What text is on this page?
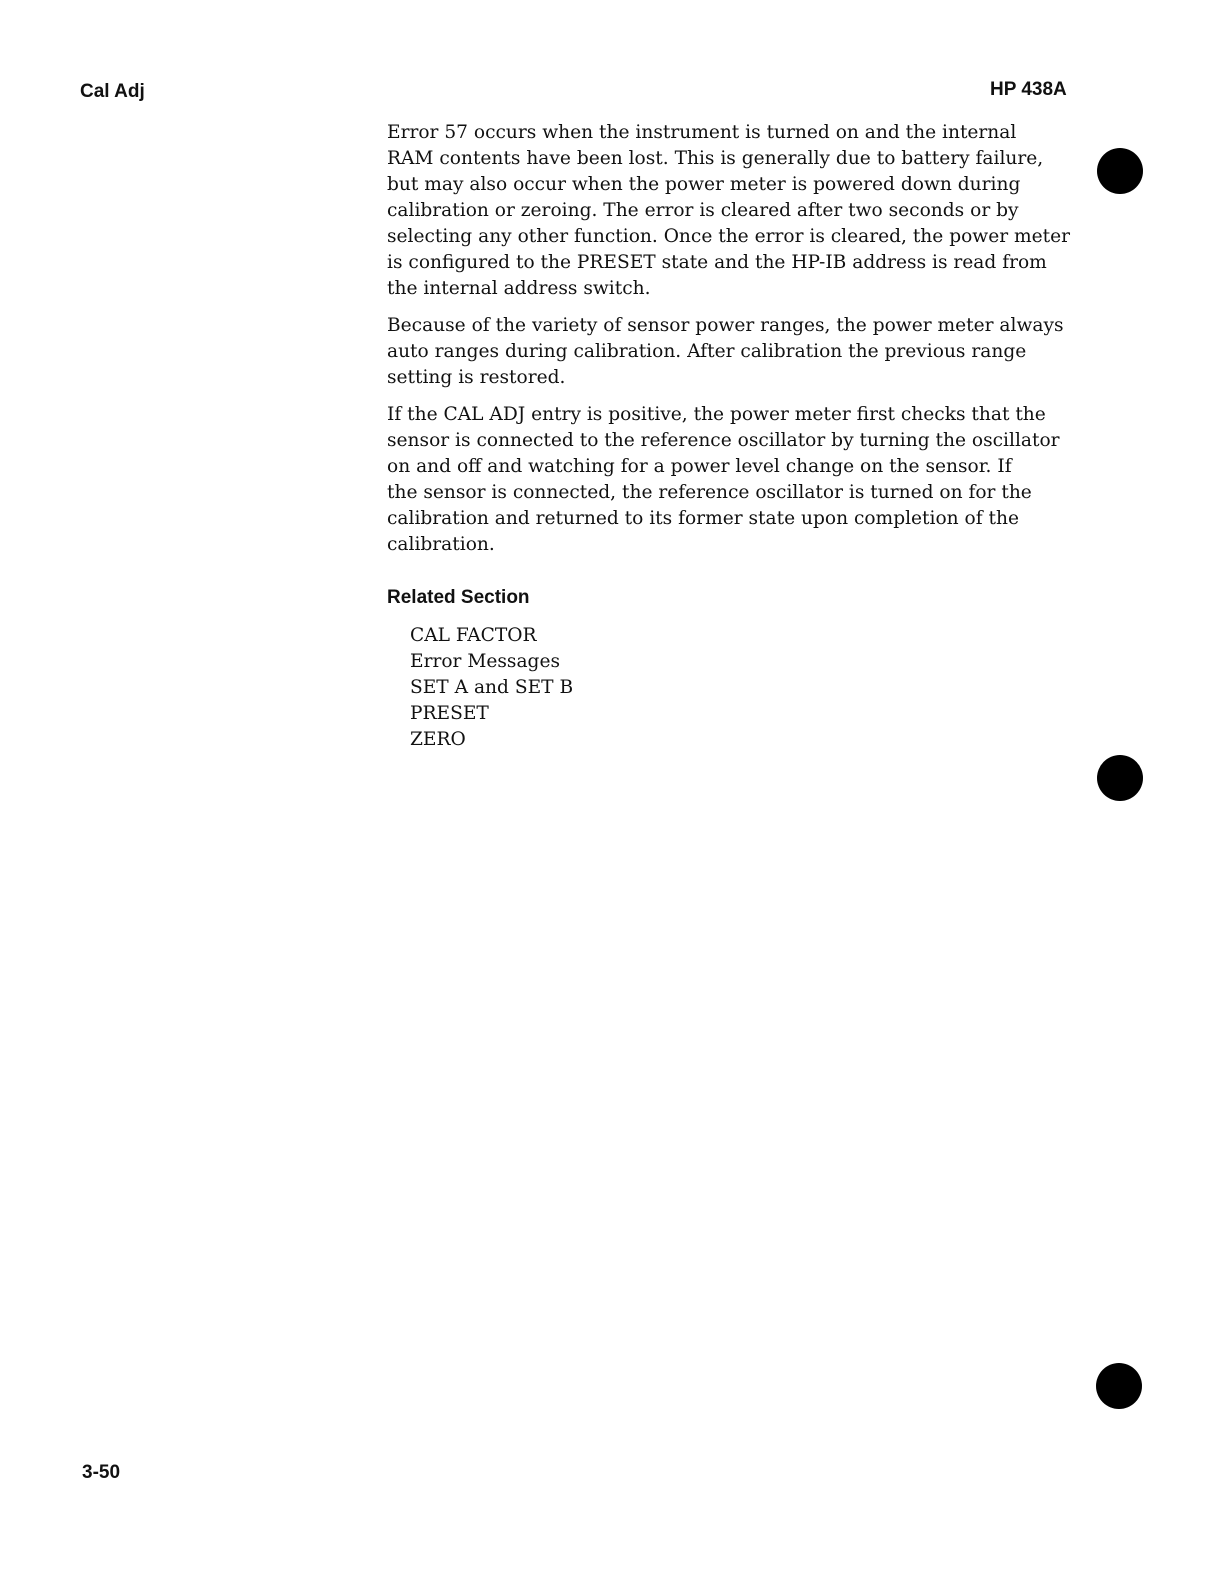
Cal Adj	HP 438A

Error 57 occurs when the instrument is turned on and the internal
RAM contents have been lost. This is generally due to battery failure,
but may also occur when the power meter is powered down during
calibration or zeroing. The error is cleared after two seconds or by
selecting any other function. Once the error is cleared, the power meter
is configured to the PRESET state and the HP-IB address is read from
the internal address switch.

Because of the variety of sensor power ranges, the power meter always
auto ranges during calibration. After calibration the previous range
setting is restored.

If the CAL ADJ entry is positive, the power meter first checks that the
sensor is connected to the reference oscillator by turning the oscillator
on and off and watching for a power level change on the sensor. If
the sensor is connected, the reference oscillator is turned on for the
calibration and returned to its former state upon completion of the
calibration.

Related Section
CAL FACTOR
Error Messages
SET A and SET B
PRESET
ZERO
3-50
